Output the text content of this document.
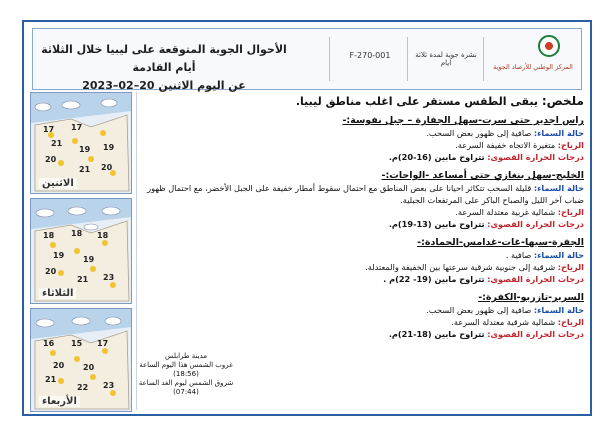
الأحوال الجوية المتوقعة على ليبيا خلال الثلاثة أيام القادمة
عن اليوم الاثنين 20–02–2023
F-270-001	نشرة جوية لمدة ثلاثة ايام	المركز الوطني للأرصاد الجوية
17 17
21
19 19
20
21 20
الاثنين
18 18 18
19 19
20
21 23
الثلاثاء
16 15 17
20 20
21
22 23
الأربعاء
مدينة طرابلس
غروب الشمس هذا اليوم الساعة (18:56)
شروق الشمس ليوم الغد الساعة (07:44)
ملخص: يبقى الطقس مستقر على اغلب مناطق ليبيا.
راس اجدير حتى سرت-سهل الجفارة – جبل نفوسة:-
حالة السماء: صافية إلى ظهور بعض السحب.
الرياح: متغيرة الاتجاه خفيفة السرعة.
درجات الحرارة القصوى: تتراوح مابين (16-20)م.
الخليج-سهل بنغازي حتى أمساعد -الواحات:-
حالة السماء: قليلة السحب تتكاثر احيانا على بعض المناطق مع احتمال سقوط أمطار خفيفة على الجبل الأخضر، مع احتمال ظهور ضباب آخر الليل والصباح الباكر على المرتفعات الجبلية.
الرياح: شمالية غربية معتدلة السرعة.
درجات الحرارة القصوى: تتراوح مابين (13-19)م.
الجفرة-سبها-غات-غدامس-الحمادة:-
حالة السماء: صافية .
الرياح: شرقية إلى جنوبية شرقية سرعتها بين الخفيفة والمعتدلة.
درجات الحرارة القصوى: تتراوح مابين (19- 22)م .
السرير-تازربو-الكفرة:-
حالة السماء: صافية إلى ظهور بعض السحب.
الرياح: شمالية شرقية معتدلة السرعة.
درجات الحرارة القصوى: تتراوح مابين (18-21)م.
